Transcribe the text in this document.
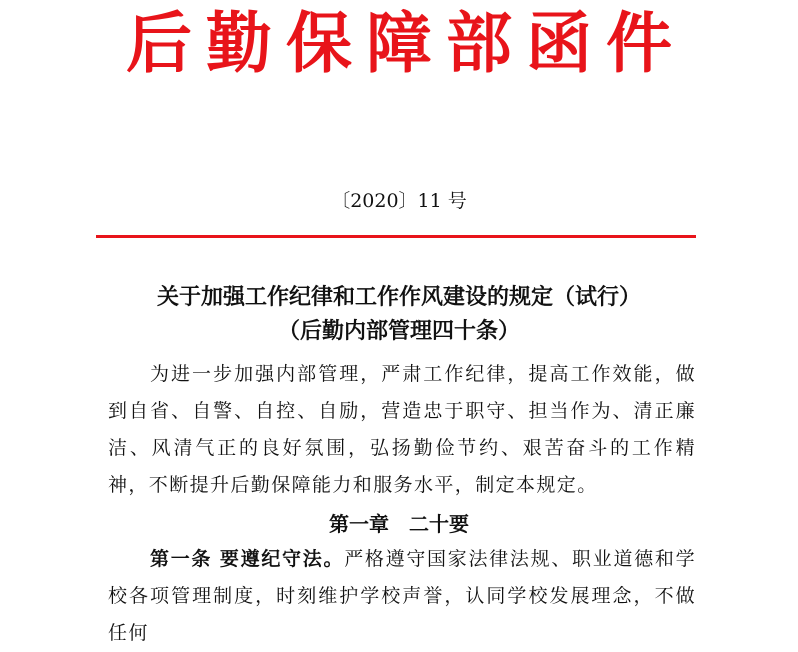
后勤保障部函件
〔2020〕11 号
关于加强工作纪律和工作作风建设的规定（试行）
（后勤内部管理四十条）
为进一步加强内部管理，严肃工作纪律，提高工作效能，做到自省、自警、自控、自励，营造忠于职守、担当作为、清正廉洁、风清气正的良好氛围，弘扬勤俭节约、艰苦奋斗的工作精神，不断提升后勤保障能力和服务水平，制定本规定。
第一章　二十要
第一条 要遵纪守法。严格遵守国家法律法规、职业道德和学校各项管理制度，时刻维护学校声誉，认同学校发展理念，不做任何
